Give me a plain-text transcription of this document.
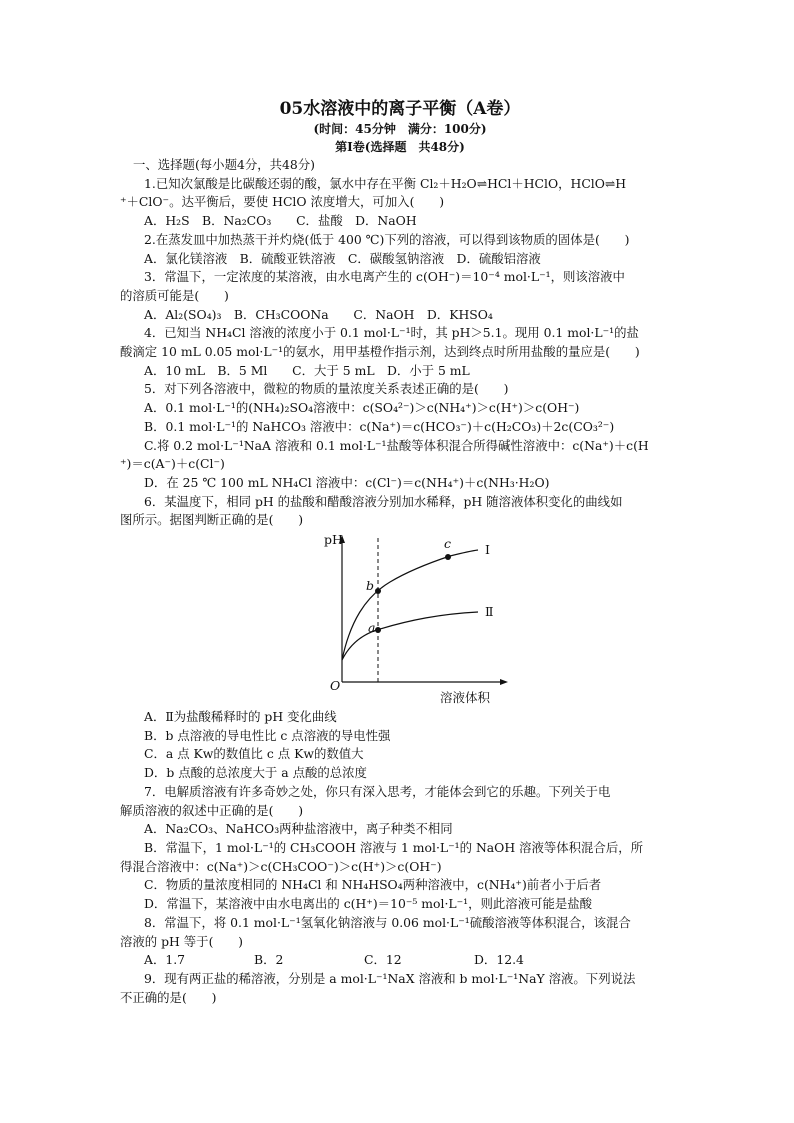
05水溶液中的离子平衡（A卷）

(时间：45分钟　满分：100分)

第Ⅰ卷(选择题　共48分)

一、选择题(每小题4分，共48分)

1.已知次氯酸是比碳酸还弱的酸，氯水中存在平衡 Cl₂＋H₂O⇌HCl＋HClO，HClO⇌H

⁺＋ClO⁻。达平衡后，要使 HClO 浓度增大，可加入(　　)

A．H₂S　B．Na₂CO₃　　C．盐酸　D．NaOH

2.在蒸发皿中加热蒸干并灼烧(低于 400 ℃)下列的溶液，可以得到该物质的固体是(　　)

A．氯化镁溶液　B．硫酸亚铁溶液　C．碳酸氢钠溶液　D．硫酸铝溶液

3．常温下，一定浓度的某溶液，由水电离产生的 c(OH⁻)＝10⁻⁴ mol·L⁻¹，则该溶液中

的溶质可能是(　　)

A．Al₂(SO₄)₃　B．CH₃COONa　　C．NaOH　D．KHSO₄

4．已知当 NH₄Cl 溶液的浓度小于 0.1 mol·L⁻¹时，其 pH＞5.1。现用 0.1 mol·L⁻¹的盐

酸滴定 10 mL 0.05 mol·L⁻¹的氨水，用甲基橙作指示剂，达到终点时所用盐酸的量应是(　　)

A．10 mL　B．5 Ml　　C．大于 5 mL　D．小于 5 mL

5．对下列各溶液中，微粒的物质的量浓度关系表述正确的是(　　)

A．0.1 mol·L⁻¹的(NH₄)₂SO₄溶液中：c(SO₄²⁻)＞c(NH₄⁺)＞c(H⁺)＞c(OH⁻)

B．0.1 mol·L⁻¹的 NaHCO₃ 溶液中：c(Na⁺)＝c(HCO₃⁻)＋c(H₂CO₃)＋2c(CO₃²⁻)

C.将 0.2 mol·L⁻¹NaA 溶液和 0.1 mol·L⁻¹盐酸等体积混合所得碱性溶液中：c(Na⁺)＋c(H

⁺)＝c(A⁻)＋c(Cl⁻)

D．在 25 ℃ 100 mL NH₄Cl 溶液中：c(Cl⁻)＝c(NH₄⁺)＋c(NH₃·H₂O)

6．某温度下，相同 pH 的盐酸和醋酸溶液分别加水稀释，pH 随溶液体积变化的曲线如

图所示。据图判断正确的是(　　)

pH
O
溶液体积
Ⅰ
Ⅱ
a
b
c

A．Ⅱ为盐酸稀释时的 pH 变化曲线

B．b 点溶液的导电性比 c 点溶液的导电性强

C．a 点 Kw的数值比 c 点 Kw的数值大

D．b 点酸的总浓度大于 a 点酸的总浓度

7．电解质溶液有许多奇妙之处，你只有深入思考，才能体会到它的乐趣。下列关于电

解质溶液的叙述中正确的是(　　)

A．Na₂CO₃、NaHCO₃两种盐溶液中，离子种类不相同

B．常温下，1 mol·L⁻¹的 CH₃COOH 溶液与 1 mol·L⁻¹的 NaOH 溶液等体积混合后，所

得混合溶液中：c(Na⁺)＞c(CH₃COO⁻)＞c(H⁺)＞c(OH⁻)

C．物质的量浓度相同的 NH₄Cl 和 NH₄HSO₄两种溶液中，c(NH₄⁺)前者小于后者

D．常温下，某溶液中由水电离出的 c(H⁺)＝10⁻⁵ mol·L⁻¹，则此溶液可能是盐酸

8．常温下，将 0.1 mol·L⁻¹氢氧化钠溶液与 0.06 mol·L⁻¹硫酸溶液等体积混合，该混合

溶液的 pH 等于(　　)

A．1.7	B．2	C．12	D．12.4

9．现有两正盐的稀溶液，分别是 a mol·L⁻¹NaX 溶液和 b mol·L⁻¹NaY 溶液。下列说法

不正确的是(　　)
